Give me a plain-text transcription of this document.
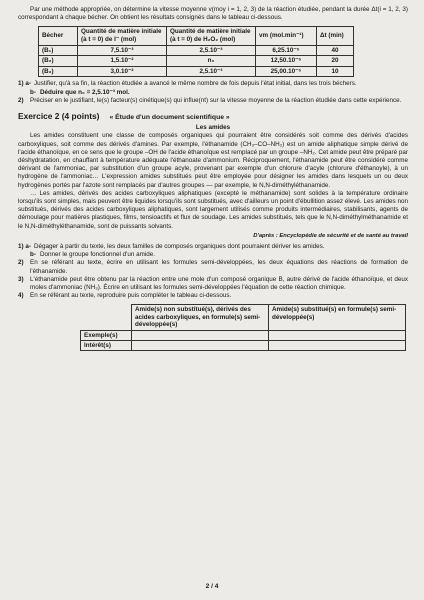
Par une méthode appropriée, on détermine la vitesse moyenne v(moy i = 1, 2, 3) de la réaction étudiée, pendant la durée Δt(i = 1, 2, 3) correspondant à chaque bécher. On obtient les résultats consignés dans le tableau ci-dessous.

Bécher	Quantité de matière initiale (à t = 0) de I⁻ (mol)	Quantité de matière initiale (à t = 0) de H₂O₂ (mol)	vm (mol.min⁻¹)	Δt (min)
(B₁)	7,5.10⁻³	2,5.10⁻³	6,25.10⁻⁵	40
(B₂)	1,5.10⁻²	n₀	12,50.10⁻⁵	20
(B₃)	3,0.10⁻²	2,5.10⁻³	25,00.10⁻⁵	10
1) a- Justifier, qu'à sa fin, la réaction étudiée a avancé le même nombre de fois depuis l'état initial, dans les trois béchers.
b- Déduire que n₀ = 2,5.10⁻³ mol.
2)	Préciser en le justifiant, le(s) facteur(s) cinétique(s) qui influe(nt) sur la vitesse moyenne de la réaction étudiée dans cette expérience.
Exercice 2 (4 points) « Étude d'un document scientifique »

Les amides

Les amides constituent une classe de composés organiques qui pourraient être considérés soit comme des dérivés d'acides carboxyliques, soit comme des dérivés d'amines. Par exemple, l'éthanamide (CH₃–CO–NH₂) est un amide aliphatique simple dérivé de l'acide éthanoïque, en ce sens que le groupe –OH de l'acide éthanoïque est remplacé par un groupe –NH₂. Cet amide peut être préparé par déshydratation, en chauffant à température adéquate l'éthanoate d'ammonium. Réciproquement, l'éthanamide peut être considéré comme dérivant de l'ammoniac, par substitution d'un groupe acyle, provenant par exemple d'un chlorure d'acyle (chlorure d'éthanoyle), à un hydrogène de l'ammoniac… L'expression amides substitués peut être employée pour désigner les amides dans lesquels un ou deux hydrogènes portés par l'azote sont remplacés par d'autres groupes — par exemple, le N,N-diméthyléthanamide.

… Les amides, dérivés des acides carboxyliques aliphatiques (excepté le méthanamide) sont solides à la température ordinaire lorsqu'ils sont simples, mais peuvent être liquides lorsqu'ils sont substitués, avec d'ailleurs un point d'ébullition assez élevé. Les amides non substitués, dérivés des acides carboxyliques aliphatiques, sont largement utilisés comme produits intermédiaires, stabilisants, agents de démoulage pour matières plastiques, films, tensioactifs et flux de soudage. Les amides substitués, tels que le N,N-diméthylméthanamide et le N,N-diméthyléthanamide, sont de puissants solvants.

D'après : Encyclopédie de sécurité et de santé au travail

1) a- Dégager à partir du texte, les deux familles de composés organiques dont pourraient dériver les amides.
b- Donner le groupe fonctionnel d'un amide.
2)	En se référant au texte, écrire en utilisant les formules semi-développées, les deux équations des réactions de formation de l'éthanamide.
3)	L'éthanamide peut être obtenu par la réaction entre une mole d'un composé organique B, autre dérivé de l'acide éthanoïque, et deux moles d'ammoniac (NH₃). Écrire en utilisant les formules semi-développées l'équation de cette réaction chimique.
4)	En se référant au texte, reproduire puis compléter le tableau ci-dessous.
	Amide(s) non substitué(s), dérivés des acides carboxyliques, en formule(s) semi-développée(s)	Amide(s) substitué(s) en formule(s) semi-développée(s)
Exemple(s)		
Intérêt(s)		
2 / 4
